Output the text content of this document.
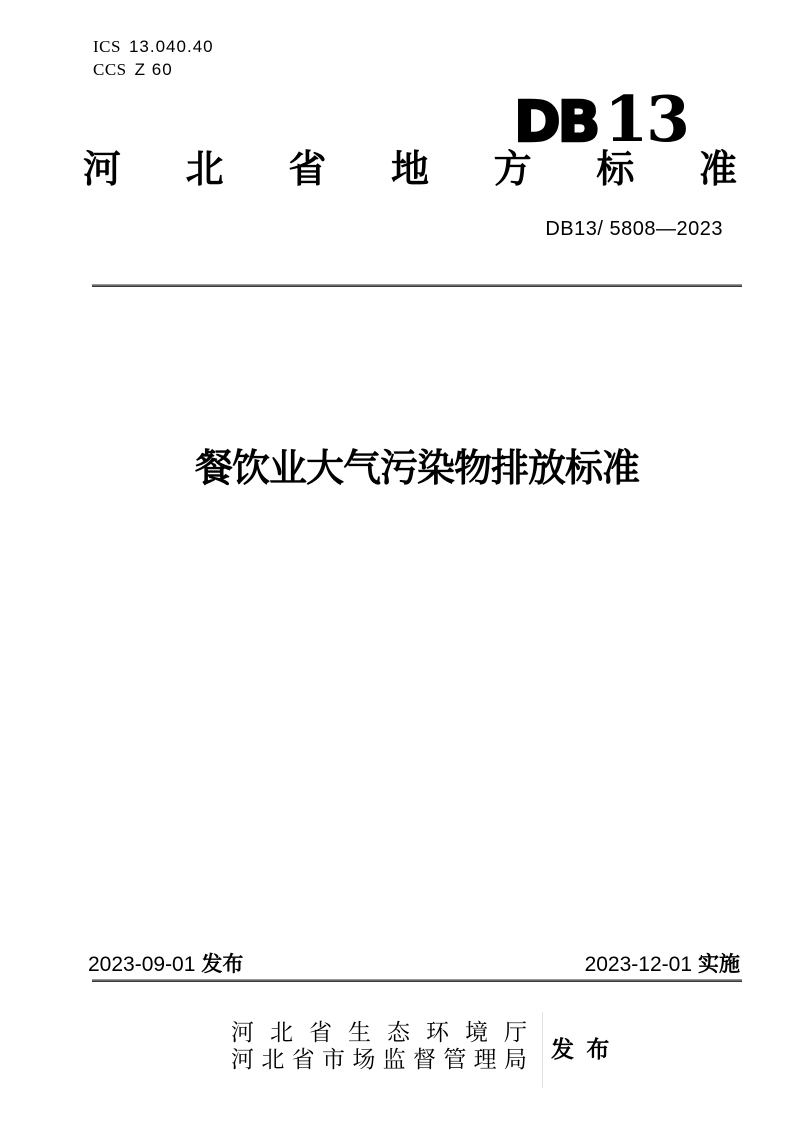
ICS 13.040.40
CCS Z 60
DB 13
河 北 省 地 方 标 准
DB13/ 5808—2023
餐饮业大气污染物排放标准
2023-09-01 发布	2023-12-01 实施
河 北 省 生 态 环 境 厅
河 北 省 市 场 监 督 管 理 局 发 布
